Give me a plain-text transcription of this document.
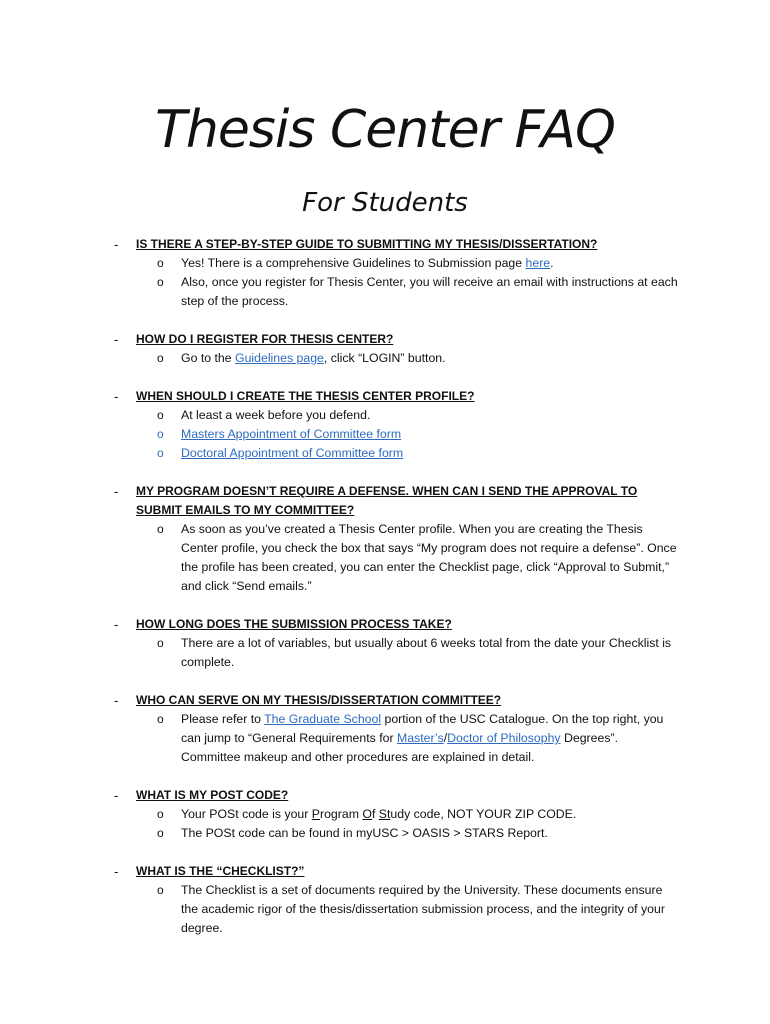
Thesis Center FAQ
For Students
- IS THERE A STEP-BY-STEP GUIDE TO SUBMITTING MY THESIS/DISSERTATION?
o Yes! There is a comprehensive Guidelines to Submission page here.
o Also, once you register for Thesis Center, you will receive an email with instructions at each step of the process.
- HOW DO I REGISTER FOR THESIS CENTER?
o Go to the Guidelines page, click “LOGIN” button.
- WHEN SHOULD I CREATE THE THESIS CENTER PROFILE?
o At least a week before you defend.
o Masters Appointment of Committee form
o Doctoral Appointment of Committee form
- MY PROGRAM DOESN’T REQUIRE A DEFENSE. WHEN CAN I SEND THE APPROVAL TO SUBMIT EMAILS TO MY COMMITTEE?
o As soon as you’ve created a Thesis Center profile. When you are creating the Thesis Center profile, you check the box that says “My program does not require a defense”. Once the profile has been created, you can enter the Checklist page, click “Approval to Submit,” and click “Send emails.”
- HOW LONG DOES THE SUBMISSION PROCESS TAKE?
o There are a lot of variables, but usually about 6 weeks total from the date your Checklist is complete.
- WHO CAN SERVE ON MY THESIS/DISSERTATION COMMITTEE?
o Please refer to The Graduate School portion of the USC Catalogue. On the top right, you can jump to “General Requirements for Master’s/Doctor of Philosophy Degrees”. Committee makeup and other procedures are explained in detail.
- WHAT IS MY POST CODE?
o Your POSt code is your Program Of Study code, NOT YOUR ZIP CODE.
o The POSt code can be found in myUSC > OASIS > STARS Report.
- WHAT IS THE “CHECKLIST?”
o The Checklist is a set of documents required by the University. These documents ensure the academic rigor of the thesis/dissertation submission process, and the integrity of your degree.
